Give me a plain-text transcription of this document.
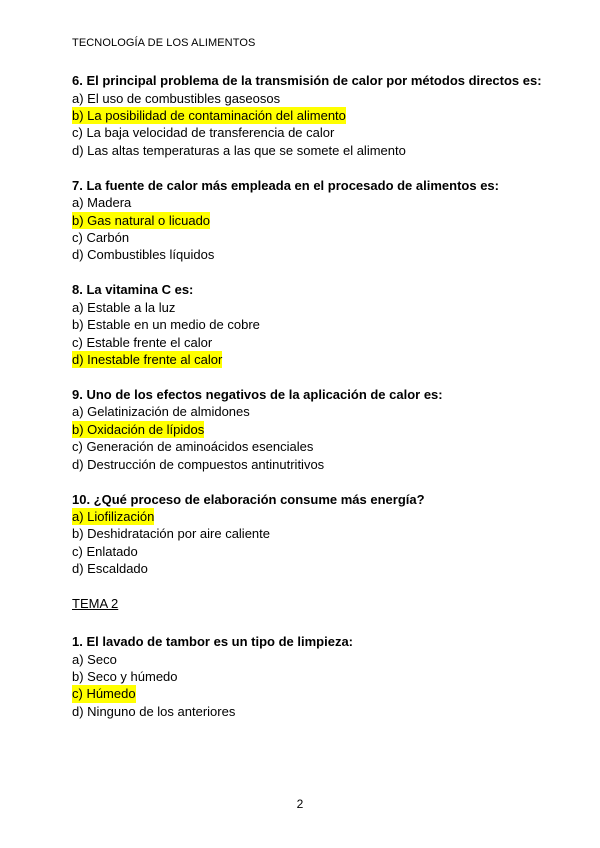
TECNOLOGÍA DE LOS ALIMENTOS
6. El principal problema de la transmisión de calor por métodos directos es:
a) El uso de combustibles gaseosos
b) La posibilidad de contaminación del alimento
c) La baja velocidad de transferencia de calor
d) Las altas temperaturas a las que se somete el alimento
7. La fuente de calor más empleada en el procesado de alimentos es:
a) Madera
b) Gas natural o licuado
c) Carbón
d) Combustibles líquidos
8. La vitamina C es:
a) Estable a la luz
b) Estable en un medio de cobre
c) Estable frente el calor
d) Inestable frente al calor
9. Uno de los efectos negativos de la aplicación de calor es:
a) Gelatinización de almidones
b) Oxidación de lípidos
c) Generación de aminoácidos esenciales
d) Destrucción de compuestos antinutritivos
10. ¿Qué proceso de elaboración consume más energía?
a) Liofilización
b) Deshidratación por aire caliente
c) Enlatado
d) Escaldado
TEMA 2
1. El lavado de tambor es un tipo de limpieza:
a) Seco
b) Seco y húmedo
c) Húmedo
d) Ninguno de los anteriores
2
